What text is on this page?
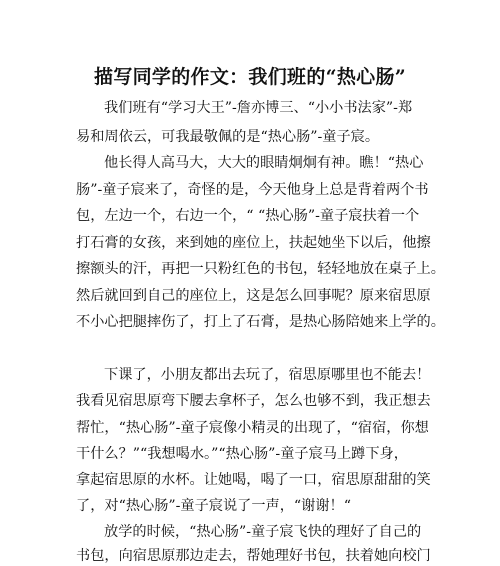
描写同学的作文：我们班的“热心肠”
我们班有“学习大王”-詹亦博三、“小小书法家”-郑
易和周依云，可我最敬佩的是“热心肠”-童子宸。
他长得人高马大，大大的眼睛炯炯有神。瞧！“热心
肠”-童子宸来了，奇怪的是，今天他身上总是背着两个书
包，左边一个，右边一个，“ “热心肠”-童子宸扶着一个
打石膏的女孩，来到她的座位上，扶起她坐下以后，他擦
擦额头的汗，再把一只粉红色的书包，轻轻地放在桌子上。
然后就回到自己的座位上，这是怎么回事呢？原来宿思原
不小心把腿摔伤了，打上了石膏，是热心肠陪她来上学的。
下课了，小朋友都出去玩了，宿思原哪里也不能去！
我看见宿思原弯下腰去拿杯子，怎么也够不到，我正想去
帮忙，“热心肠”-童子宸像小精灵的出现了，“宿宿，你想
干什么？”“我想喝水。”“热心肠”-童子宸马上蹲下身，
拿起宿思原的水杯。让她喝，喝了一口，宿思原甜甜的笑
了，对“热心肠”-童子宸说了一声，“谢谢！“
放学的时候，“热心肠”-童子宸飞快的理好了自己的
书包，向宿思原那边走去，帮她理好书包，扶着她向校门
